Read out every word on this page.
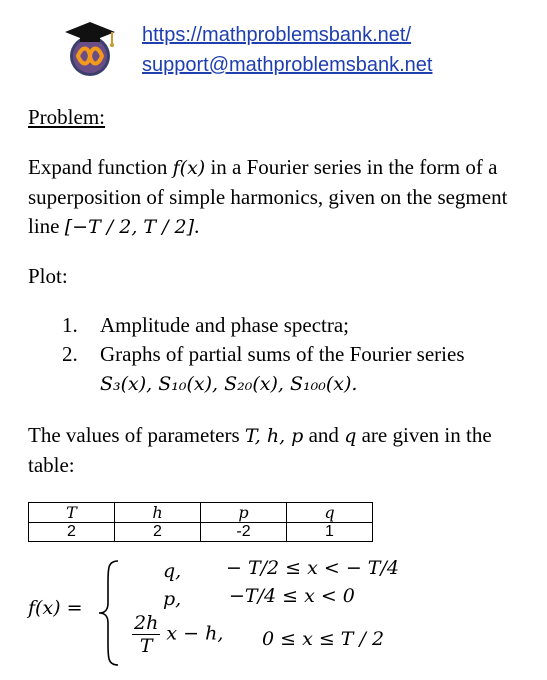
https://mathproblemsbank.net/
support@mathproblemsbank.net
Problem:
Expand function f(x) in a Fourier series in the form of a superposition of simple harmonics, given on the segment line [−T / 2, T / 2].
Plot:
1.	Amplitude and phase spectra;
2.	Graphs of partial sums of the Fourier series
S₃(x), S₁₀(x), S₂₀(x), S₁₀₀(x).
The values of parameters T, h, p and q are given in the table:
T	h	p	q
2	2	-2	1
f(x) =
q, − T/2 ≤ x < − T/4
p,	−T/4 ≤ x < 0
$\frac{2h}{T}$ x − h, 0 ≤ x ≤ T / 2
